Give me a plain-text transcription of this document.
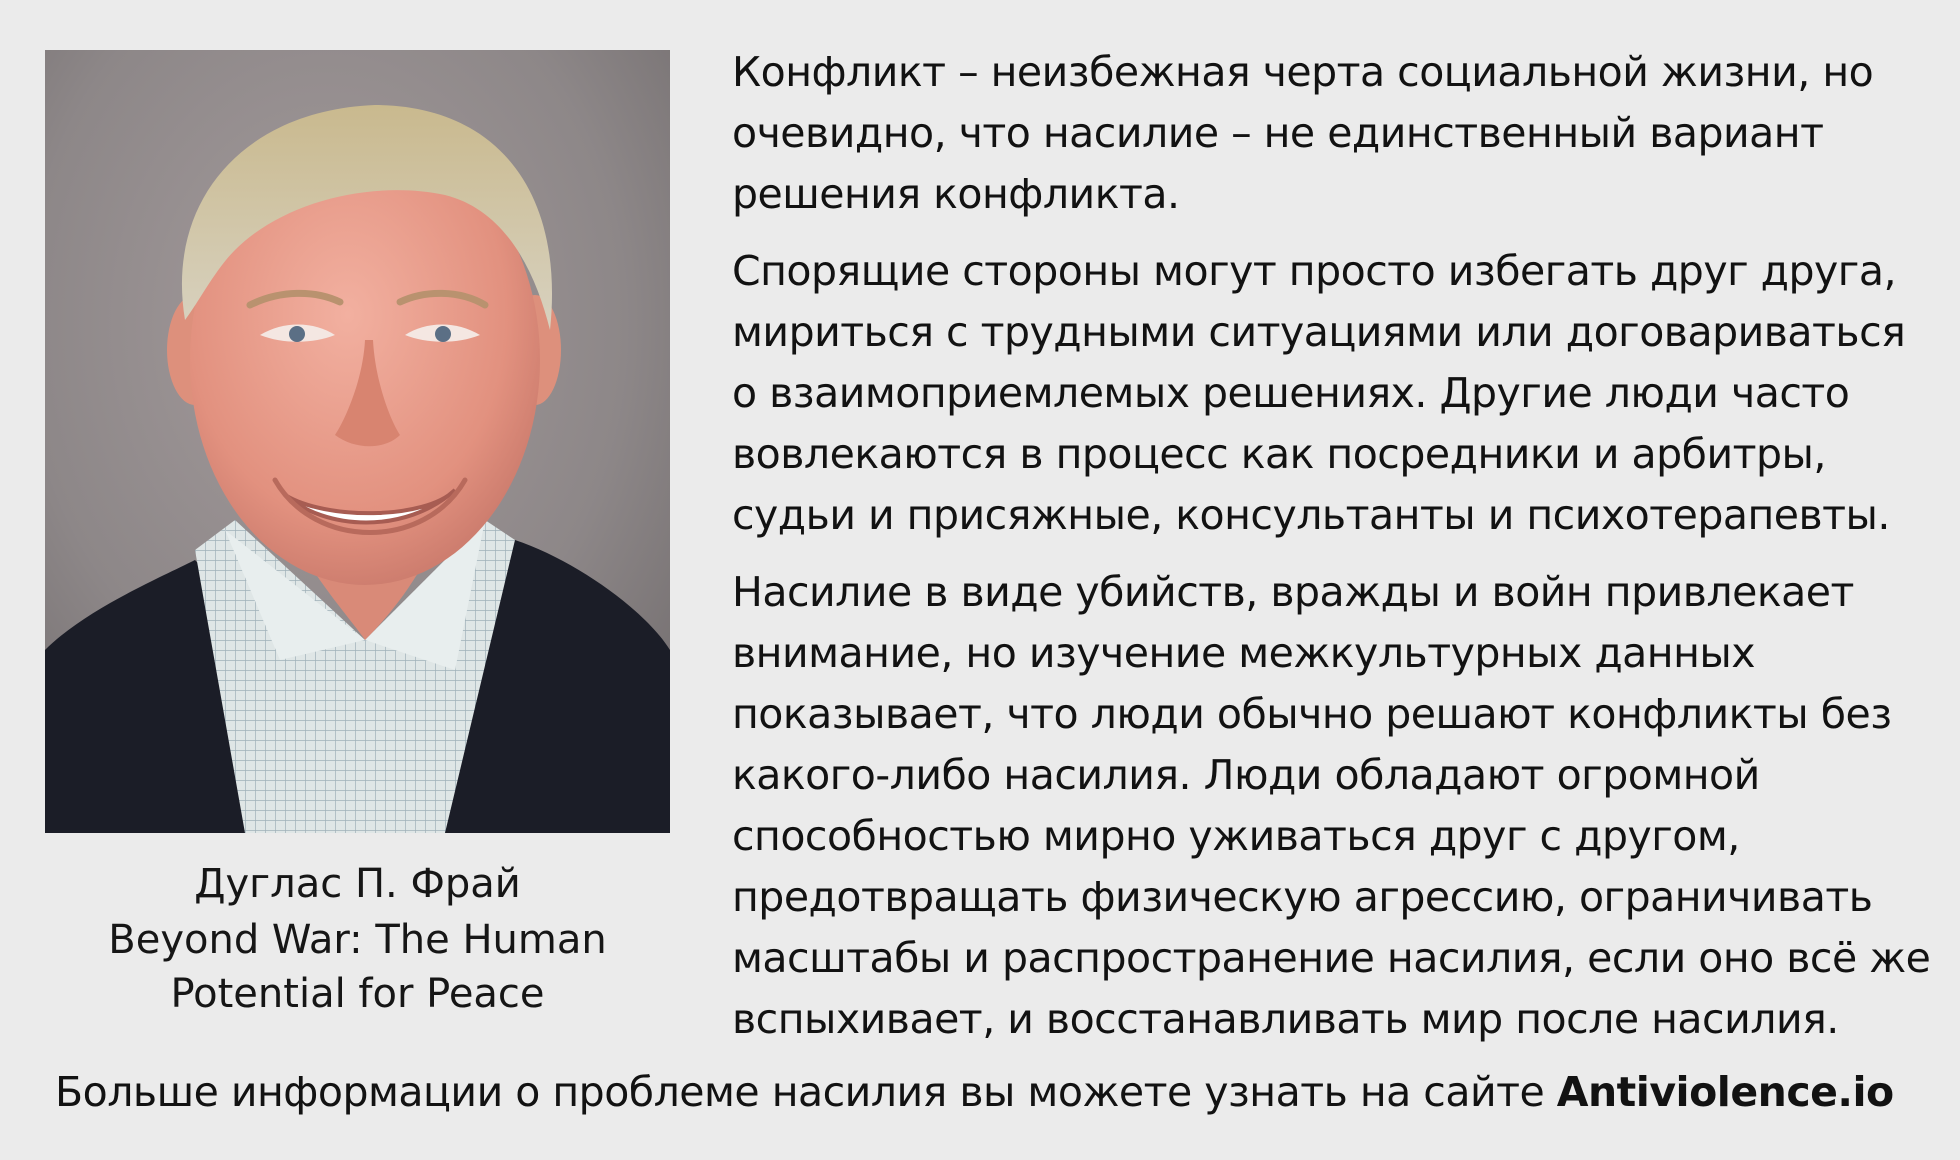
Дуглас П. Фрай
Beyond War: The Human Potential for Peace

Конфликт – неизбежная черта социальной жизни, но очевидно, что насилие – не единственный вариант решения конфликта.

Спорящие стороны могут просто избегать друг друга, мириться с трудными ситуациями или договариваться о взаимоприемлемых решениях. Другие люди часто вовлекаются в процесс как посредники и арбитры, судьи и присяжные, консультанты и психотерапевты.

Насилие в виде убийств, вражды и войн привлекает внимание, но изучение межкультурных данных показывает, что люди обычно решают конфликты без какого-либо насилия. Люди обладают огромной способностью мирно уживаться друг с другом, предотвращать физическую агрессию, ограничивать масштабы и распространение насилия, если оно всё же вспыхивает, и восстанавливать мир после насилия.

Больше информации о проблеме насилия вы можете узнать на сайте Antiviolence.io
